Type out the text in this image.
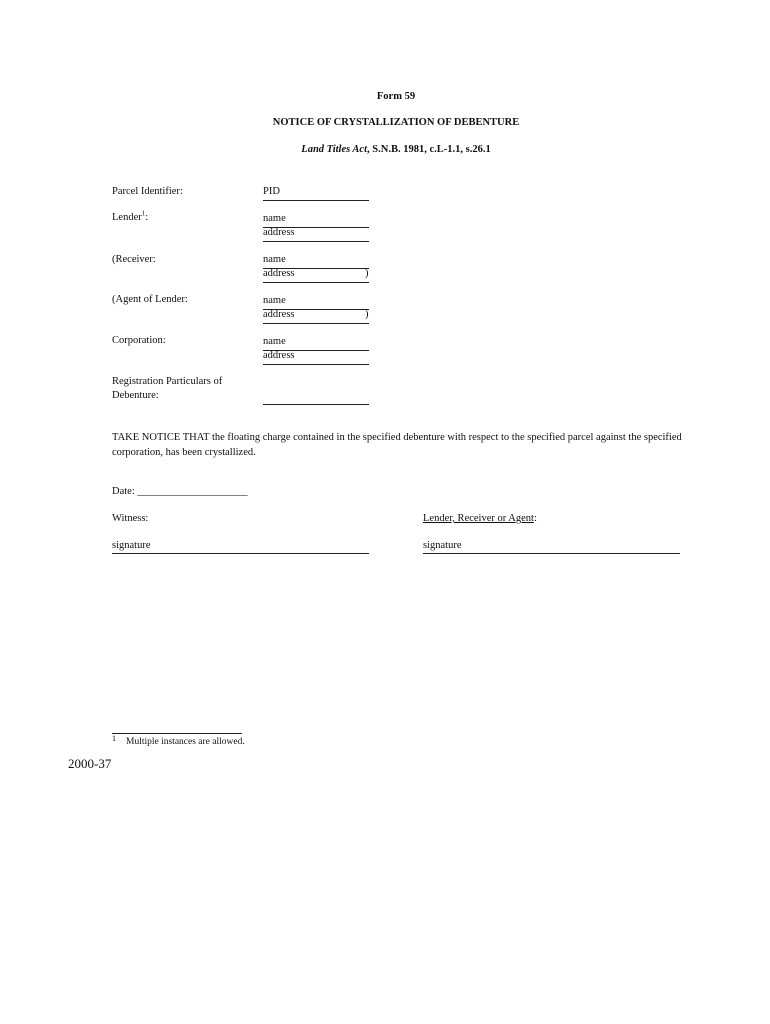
Form 59
NOTICE OF CRYSTALLIZATION OF DEBENTURE
Land Titles Act, S.N.B. 1981, c.L-1.1, s.26.1
Parcel Identifier:	PID
Lender$^1$:	name
address
(Receiver:	name
address	)
(Agent of Lender:	name
address	)
Corporation:	name
address
Registration Particulars of
Debenture:
TAKE NOTICE THAT the floating charge contained in the specified debenture with respect to the specified parcel against the specified corporation, has been crystallized.
Date: _____________________
Witness:	Lender, Receiver or Agent:
signature	signature
1 Multiple instances are allowed.
2000-37
